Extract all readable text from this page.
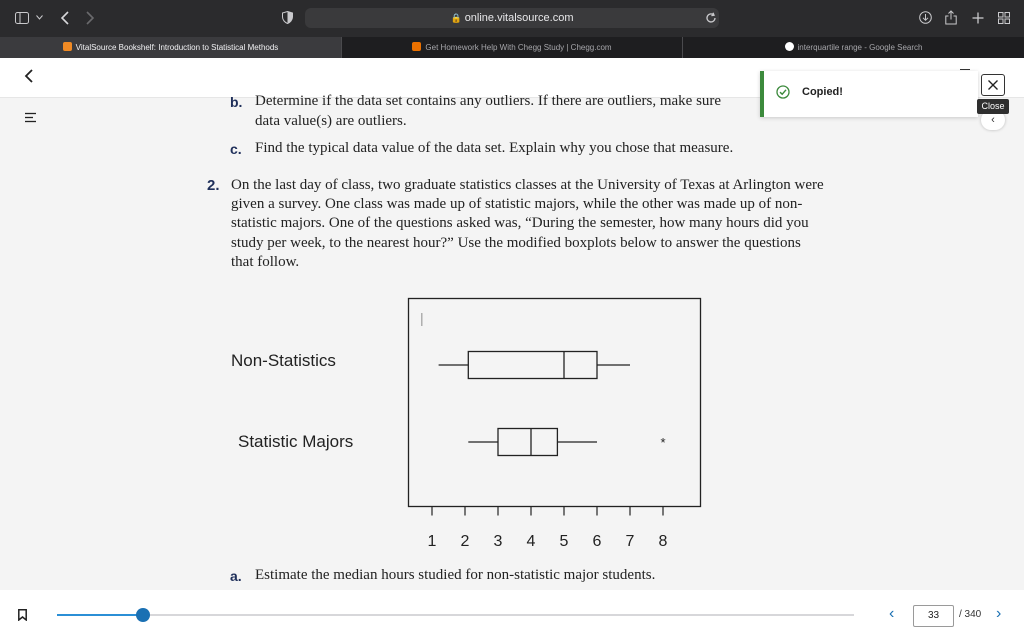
🔒 online.vitalsource.com
VitalSource Bookshelf: Introduction to Statistical Methods	Get Homework Help With Chegg Study | Chegg.com	interquartile range - Google Search
b. Determine if the data set contains any outliers. If there are outliers, make sure
data value(s) are outliers.
c. Find the typical data value of the data set. Explain why you chose that measure.
2. On the last day of class, two graduate statistics classes at the University of Texas at Arlington were
given a survey. One class was made up of statistic majors, while the other was made up of non-
statistic majors. One of the questions asked was, “During the semester, how many hours did you
study per week, to the nearest hour?” Use the modified boxplots below to answer the questions
that follow.
Non-Statistics
Statistic Majors
|
*
1 2 3 4 5 6 7 8
a. Estimate the median hours studied for non-statistic major students.
Copied!
‹
Close
‹	33	/ 340 ›
